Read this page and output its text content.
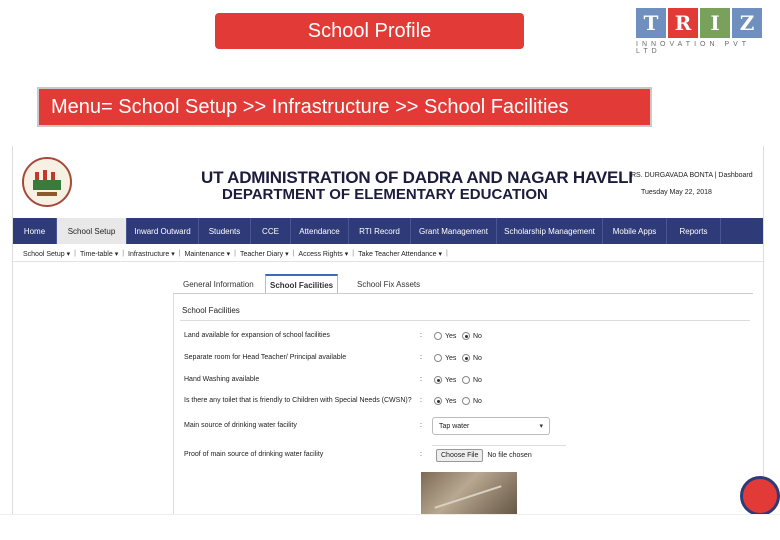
School Profile	T R I	Z
INNOVATION PVT LTD
Menu= School Setup >> Infrastructure >> School Facilities
UT ADMINISTRATION OF DADRA AND NAGAR HAVELI
DEPARTMENT OF ELEMENTARY EDUCATION
RS. DURGAVADA BONTA | Dashboard
Tuesday May 22, 2018
Home	School Setup	Inward Outward	Students	CCE	Attendance	RTI Record	Grant Management	Scholarship Management	Mobile Apps	Reports
School Setup ▾ | Time-table ▾ | Infrastructure ▾ | Maintenance ▾ | Teacher Diary ▾ | Access Rights ▾ | Take Teacher Attendance ▾ |
General Information	School Facilities	School Fix Assets
School Facilities
Land available for expansion of school facilities	:	Yes No
Separate room for Head Teacher/ Principal available	:	Yes No
Hand Washing available	:	Yes No
Is there any toilet that is friendly to Children with Special Needs (CWSN)? :	Yes No
Main source of drinking water facility	: Tap water	▾
Proof of main source of drinking water facility	:	Choose File	No file chosen
